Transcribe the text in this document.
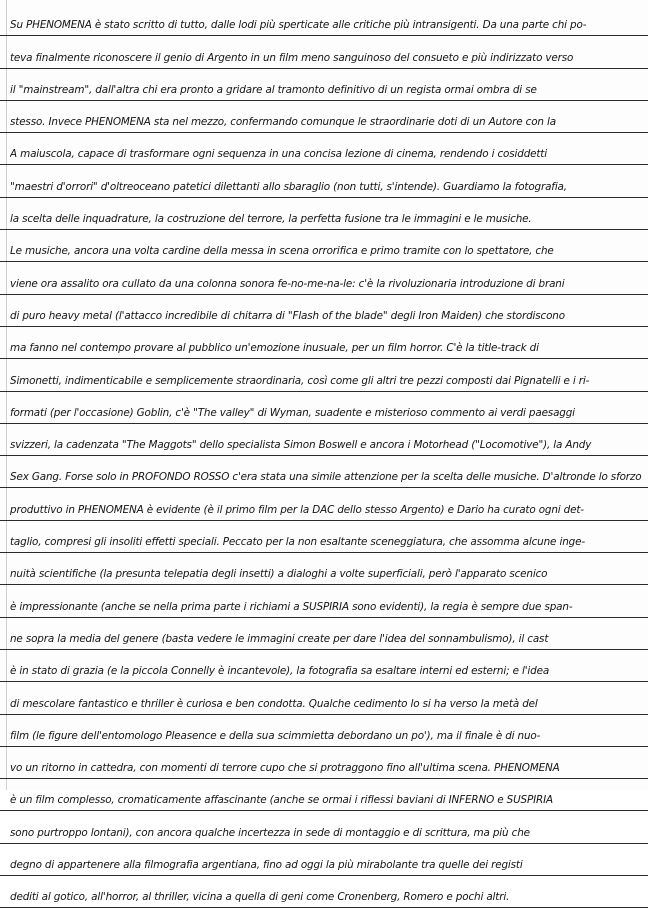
Su PHENOMENA è stato scritto di tutto, dalle lodi più sperticate alle critiche più intransigenti. Da una parte chi po-
teva finalmente riconoscere il genio di Argento in un film meno sanguinoso del consueto e più indirizzato verso
il "mainstream", dall'altra chi era pronto a gridare al tramonto definitivo di un regista ormai ombra di se
stesso. Invece PHENOMENA sta nel mezzo, confermando comunque le straordinarie doti di un Autore con la
A maiuscola, capace di trasformare ogni sequenza in una concisa lezione di cinema, rendendo i cosiddetti
"maestri d'orrori" d'oltreoceano patetici dilettanti allo sbaraglio (non tutti, s'intende). Guardiamo la fotografia,
la scelta delle inquadrature, la costruzione del terrore, la perfetta fusione tra le immagini e le musiche.
Le musiche, ancora una volta cardine della messa in scena orrorifica e primo tramite con lo spettatore, che
viene ora assalito ora cullato da una colonna sonora fe-no-me-na-le: c'è la rivoluzionaria introduzione di brani
di puro heavy metal (l'attacco incredibile di chitarra di "Flash of the blade" degli Iron Maiden) che stordiscono
ma fanno nel contempo provare al pubblico un'emozione inusuale, per un film horror. C'è la title-track di
Simonetti, indimenticabile e semplicemente straordinaria, così come gli altri tre pezzi composti dai Pignatelli e i ri-
formati (per l'occasione) Goblin, c'è "The valley" di Wyman, suadente e misterioso commento ai verdi paesaggi
svizzeri, la cadenzata "The Maggots" dello specialista Simon Boswell e ancora i Motorhead ("Locomotive"), la Andy
Sex Gang. Forse solo in PROFONDO ROSSO c'era stata una simile attenzione per la scelta delle musiche. D'altronde lo sforzo
produttivo in PHENOMENA è evidente (è il primo film per la DAC dello stesso Argento) e Dario ha curato ogni det-
taglio, compresi gli insoliti effetti speciali. Peccato per la non esaltante sceneggiatura, che assomma alcune inge-
nuità scientifiche (la presunta telepatia degli insetti) a dialoghi a volte superficiali, però l'apparato scenico
è impressionante (anche se nella prima parte i richiami a SUSPIRIA sono evidenti), la regia è sempre due span-
ne sopra la media del genere (basta vedere le immagini create per dare l'idea del sonnambulismo), il cast
è in stato di grazia (e la piccola Connelly è incantevole), la fotografia sa esaltare interni ed esterni; e l'idea
di mescolare fantastico e thriller è curiosa e ben condotta. Qualche cedimento lo si ha verso la metà del
film (le figure dell'entomologo Pleasence e della sua scimmietta debordano un po'), ma il finale è di nuo-
vo un ritorno in cattedra, con momenti di terrore cupo che si protraggono fino all'ultima scena. PHENOMENA
è un film complesso, cromaticamente affascinante (anche se ormai i riflessi baviani di INFERNO e SUSPIRIA
sono purtroppo lontani), con ancora qualche incertezza in sede di montaggio e di scrittura, ma più che
degno di appartenere alla filmografia argentiana, fino ad oggi la più mirabolante tra quelle dei registi
dediti al gotico, all'horror, al thriller, vicina a quella di geni come Cronenberg, Romero e pochi altri.
